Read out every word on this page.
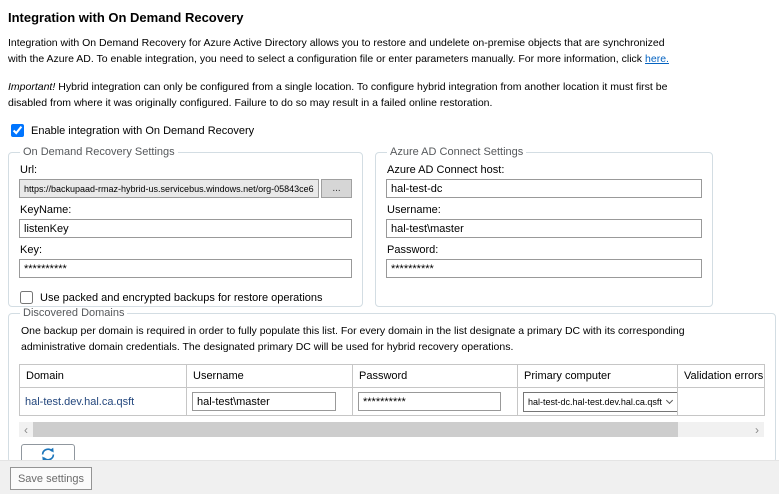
Integration with On Demand Recovery
Integration with On Demand Recovery for Azure Active Directory allows you to restore and undelete on-premise objects that are synchronized
with the Azure AD. To enable integration, you need to select a configuration file or enter parameters manually. For more information, click here.
Important! Hybrid integration can only be configured from a single location. To configure hybrid integration from another location it must first be
disabled from where it was originally configured. Failure to do so may result in a failed online restoration.
Enable integration with On Demand Recovery
On Demand Recovery Settings
Url:
https://backupaad-rmaz-hybrid-us.servicebus.windows.net/org-05843ce6-
...
KeyName:
listenKey
Key:
**********
Use packed and encrypted backups for restore operations
Azure AD Connect Settings
Azure AD Connect host:
hal-test-dc
Username:
hal-test\master
Password:
**********
Discovered Domains
One backup per domain is required in order to fully populate this list. For every domain in the list designate a primary DC with its corresponding
administrative domain credentials. The designated primary DC will be used for hybrid recovery operations.
Domain	Username	Password	Primary computer	Validation errors
hal-test.dev.hal.ca.qsft	hal-test\master	**********	hal-test-dc.hal-test.dev.hal.ca.qsft	

‹	›
Save settings
